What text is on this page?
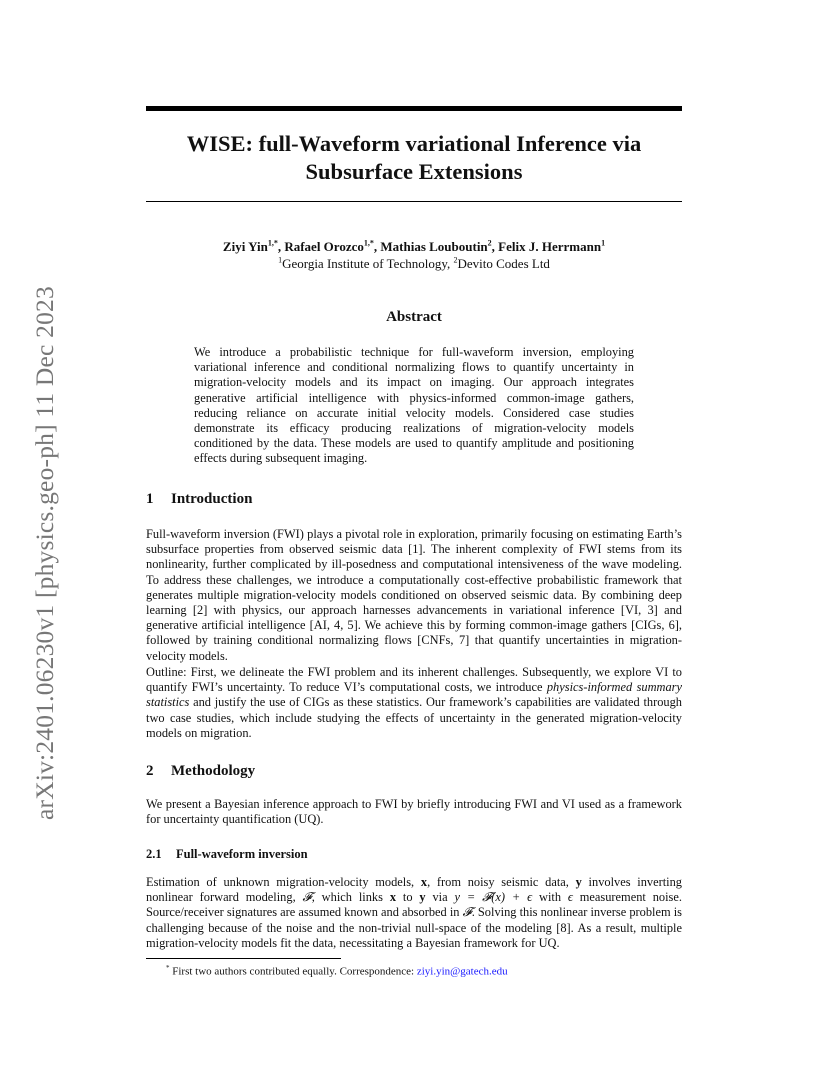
arXiv:2401.06230v1 [physics.geo-ph] 11 Dec 2023
WISE: full-Waveform variational Inference via
Subsurface Extensions
Ziyi Yin$^{1,*}$, Rafael Orozco$^{1,*}$, Mathias Louboutin$^2$, Felix J. Herrmann$^1$
$^1$Georgia Institute of Technology, $^2$Devito Codes Ltd
Abstract

We introduce a probabilistic technique for full-waveform inversion, employing variational inference and conditional normalizing flows to quantify uncertainty in migration-velocity models and its impact on imaging. Our approach integrates generative artificial intelligence with physics-informed common-image gathers, reducing reliance on accurate initial velocity models. Considered case studies demonstrate its efficacy producing realizations of migration-velocity models conditioned by the data. These models are used to quantify amplitude and positioning effects during subsequent imaging.

1 Introduction

Full-waveform inversion (FWI) plays a pivotal role in exploration, primarily focusing on estimating Earth’s subsurface properties from observed seismic data [1]. The inherent complexity of FWI stems from its nonlinearity, further complicated by ill-posedness and computational intensiveness of the wave modeling. To address these challenges, we introduce a computationally cost-effective probabilistic framework that generates multiple migration-velocity models conditioned on observed seismic data. By combining deep learning [2] with physics, our approach harnesses advancements in variational inference [VI, 3] and generative artificial intelligence [AI, 4, 5]. We achieve this by forming common-image gathers [CIGs, 6], followed by training conditional normalizing flows [CNFs, 7] that quantify uncertainties in migration-velocity models.

Outline: First, we delineate the FWI problem and its inherent challenges. Subsequently, we explore VI to quantify FWI’s uncertainty. To reduce VI’s computational costs, we introduce physics-informed summary statistics and justify the use of CIGs as these statistics. Our framework’s capabilities are validated through two case studies, which include studying the effects of uncertainty in the generated migration-velocity models on migration.

2 Methodology

We present a Bayesian inference approach to FWI by briefly introducing FWI and VI used as a framework for uncertainty quantification (UQ).

2.1 Full-waveform inversion

Estimation of unknown migration-velocity models, x, from noisy seismic data, y involves inverting nonlinear forward modeling, 𝓕, which links x to y via y = 𝓕(x) + ϵ with ϵ measurement noise. Source/receiver signatures are assumed known and absorbed in 𝓕. Solving this nonlinear inverse problem is challenging because of the noise and the non-trivial null-space of the modeling [8]. As a result, multiple migration-velocity models fit the data, necessitating a Bayesian framework for UQ.

* First two authors contributed equally. Correspondence: ziyi.yin@gatech.edu
